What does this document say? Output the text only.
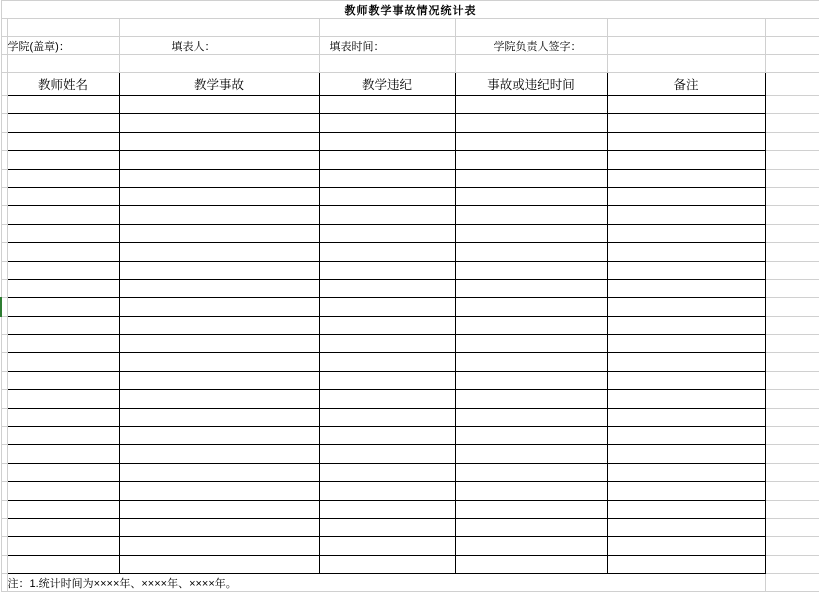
教师教学事故情况统计表						

	学院(盖章)：	填表人：	填表时间：	学院负责人签字：		

	教师姓名	教学事故	教学违纪	事故或违纪时间	备注	

	注：1.统计时间为××××年、××××年、××××年。					
